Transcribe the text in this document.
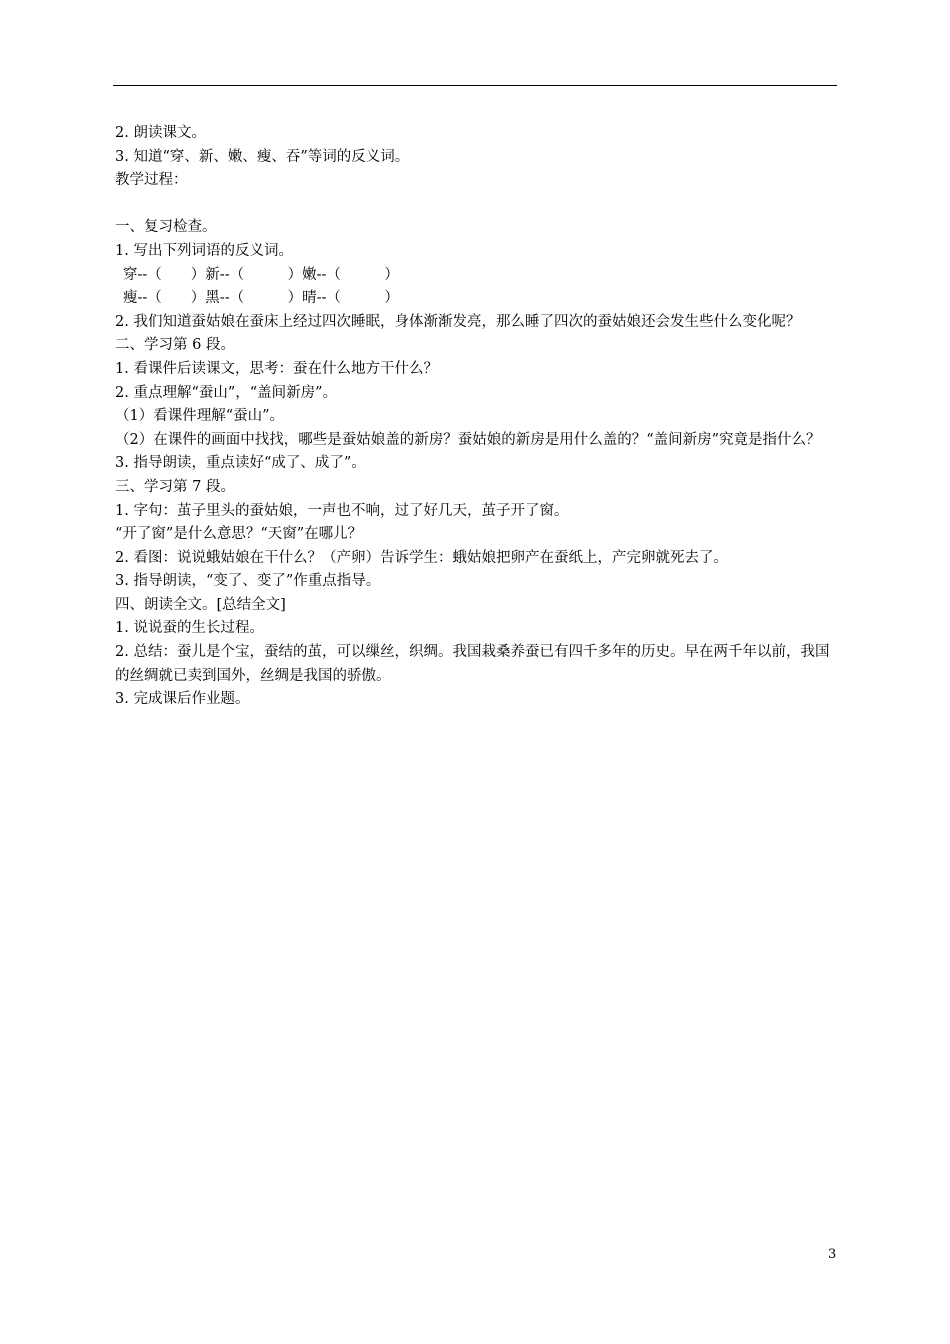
2. 朗读课文。
3. 知道“穿、新、嫩、瘦、吞”等词的反义词。
教学过程：
一、复习检查。
1. 写出下列词语的反义词。
穿--（　　）新--（　　　）嫩--（　　　）
瘦--（　　）黑--（　　　）晴--（　　　）
2. 我们知道蚕姑娘在蚕床上经过四次睡眠，身体渐渐发亮，那么睡了四次的蚕姑娘还会发生些什么变化呢？
二、学习第 6 段。
1. 看课件后读课文，思考：蚕在什么地方干什么？
2. 重点理解“蚕山”，“盖间新房”。
（1）看课件理解“蚕山”。
（2）在课件的画面中找找，哪些是蚕姑娘盖的新房？蚕姑娘的新房是用什么盖的？“盖间新房”究竟是指什么？
3. 指导朗读，重点读好“成了、成了”。
三、学习第 7 段。
1. 字句：茧子里头的蚕姑娘，一声也不响，过了好几天，茧子开了窗。
“开了窗”是什么意思？“天窗”在哪儿？
2. 看图：说说蛾姑娘在干什么？（产卵）告诉学生：蛾姑娘把卵产在蚕纸上，产完卵就死去了。
3. 指导朗读，“变了、变了”作重点指导。
四、朗读全文。[总结全文]
1. 说说蚕的生长过程。
2. 总结：蚕儿是个宝，蚕结的茧，可以缫丝，织绸。我国栽桑养蚕已有四千多年的历史。早在两千年以前，我国的丝绸就已卖到国外，丝绸是我国的骄傲。
3. 完成课后作业题。
3
